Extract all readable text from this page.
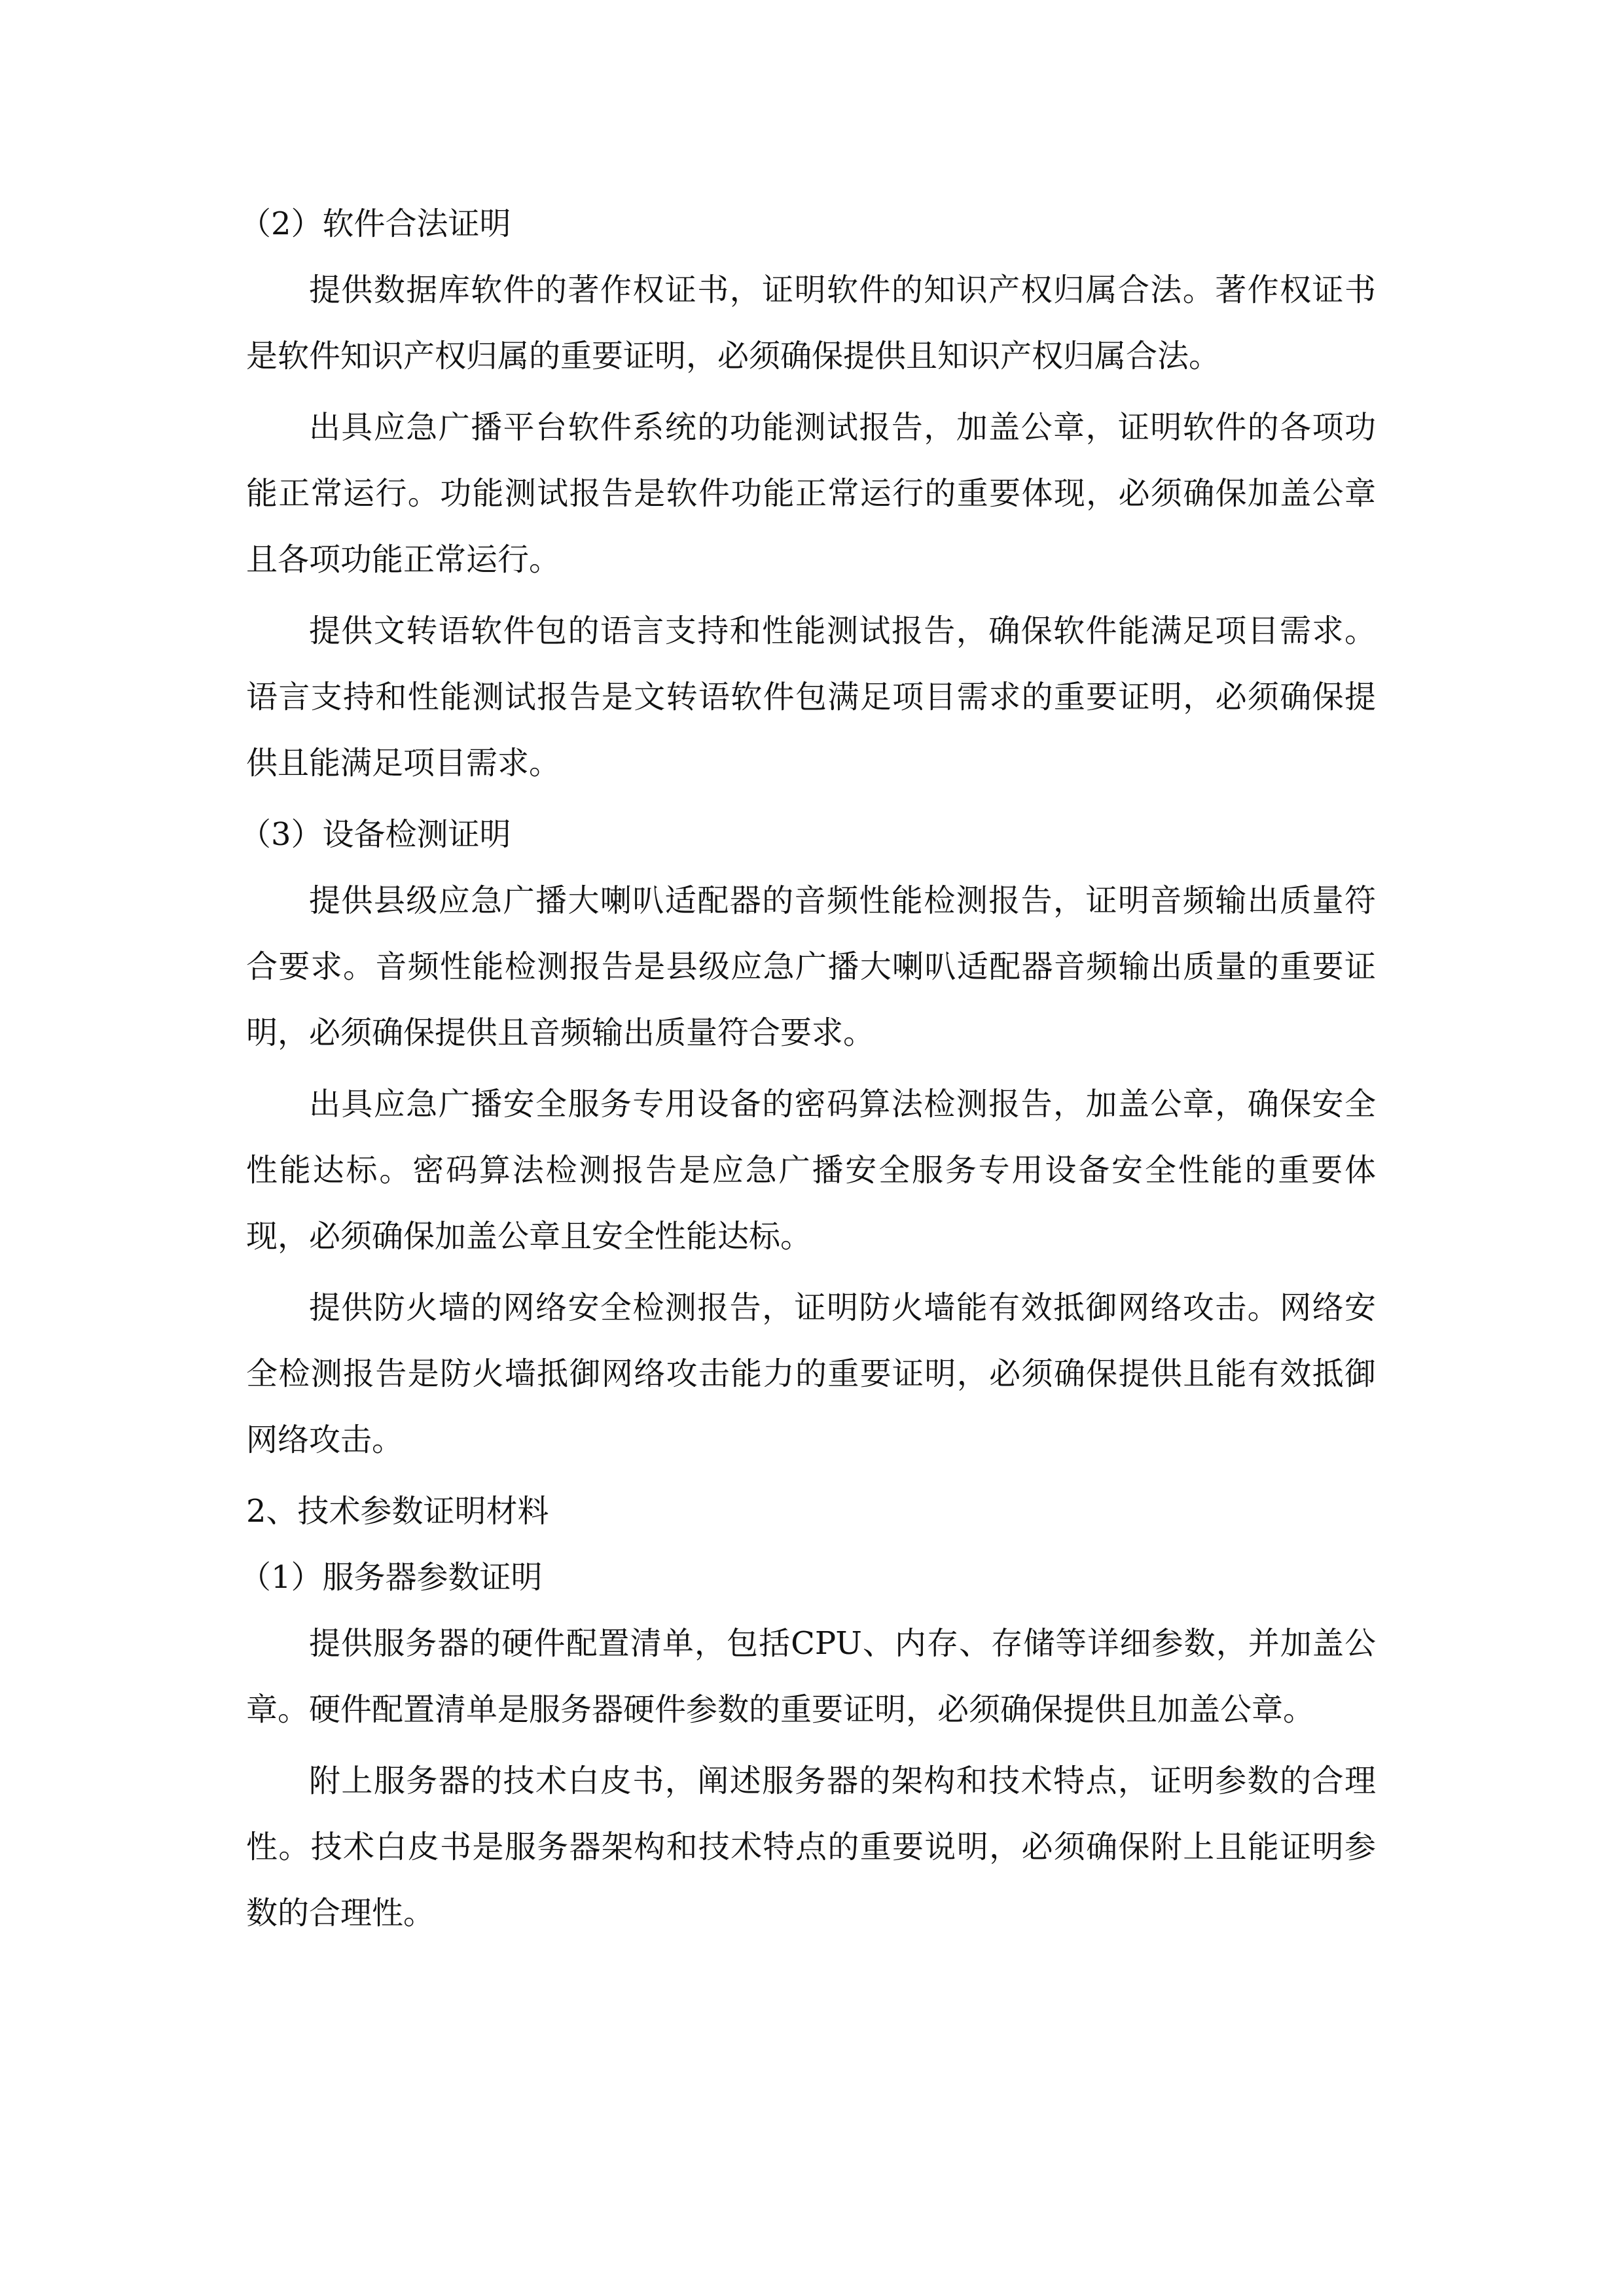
（2）软件合法证明

提供数据库软件的著作权证书，证明软件的知识产权归属合法。著作权证书是软件知识产权归属的重要证明，必须确保提供且知识产权归属合法。

出具应急广播平台软件系统的功能测试报告，加盖公章，证明软件的各项功能正常运行。功能测试报告是软件功能正常运行的重要体现，必须确保加盖公章且各项功能正常运行。

提供文转语软件包的语言支持和性能测试报告，确保软件能满足项目需求。语言支持和性能测试报告是文转语软件包满足项目需求的重要证明，必须确保提供且能满足项目需求。

（3）设备检测证明

提供县级应急广播大喇叭适配器的音频性能检测报告，证明音频输出质量符合要求。音频性能检测报告是县级应急广播大喇叭适配器音频输出质量的重要证明，必须确保提供且音频输出质量符合要求。

出具应急广播安全服务专用设备的密码算法检测报告，加盖公章，确保安全性能达标。密码算法检测报告是应急广播安全服务专用设备安全性能的重要体现，必须确保加盖公章且安全性能达标。

提供防火墙的网络安全检测报告，证明防火墙能有效抵御网络攻击。网络安全检测报告是防火墙抵御网络攻击能力的重要证明，必须确保提供且能有效抵御网络攻击。

2、技术参数证明材料
（1）服务器参数证明

提供服务器的硬件配置清单，包括CPU、内存、存储等详细参数，并加盖公章。硬件配置清单是服务器硬件参数的重要证明，必须确保提供且加盖公章。

附上服务器的技术白皮书，阐述服务器的架构和技术特点，证明参数的合理性。技术白皮书是服务器架构和技术特点的重要说明，必须确保附上且能证明参数的合理性。
